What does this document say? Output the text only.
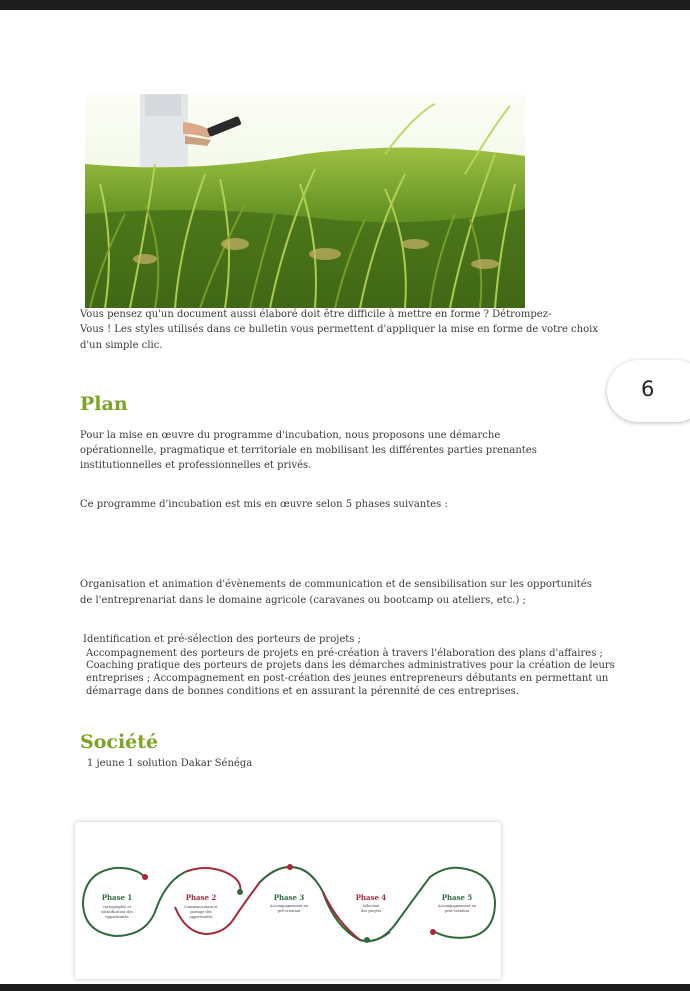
Vous pensez qu'un document aussi élaboré doit être difficile à mettre en forme ? Détrompez-

Vous ! Les styles utilisés dans ce bulletin vous permettent d'appliquer la mise en forme de votre choix

d'un simple clic.

6
Plan

Pour la mise en œuvre du programme d'incubation, nous proposons une démarche

opérationnelle, pragmatique et territoriale en mobilisant les différentes parties prenantes

institutionnelles et professionnelles et privés.

Ce programme d'incubation est mis en œuvre selon 5 phases suivantes :

Organisation et animation d'évènements de communication et de sensibilisation sur les opportunités

de l'entreprenariat dans le domaine agricole (caravanes ou bootcamp ou ateliers, etc.) ;

Identification et pré-sélection des porteurs de projets ;

Accompagnement des porteurs de projets en pré-création à travers l'élaboration des plans d'affaires ;

Coaching pratique des porteurs de projets dans les démarches administratives pour la création de leurs

entreprises ; Accompagnement en post-création des jeunes entrepreneurs débutants en permettant un

démarrage dans de bonnes conditions et en assurant la pérennité de ces entreprises.

Société

1 jeune 1 solution Dakar Sénéga

Phase 1
cartographie et
identification des
opportunités
Phase 2
Communication et
partage des
opportunités
Phase 3
Accompagnement en
pré-création
Phase 4
Sélection
des projets
Phase 5
Accompagnement en
post-création
